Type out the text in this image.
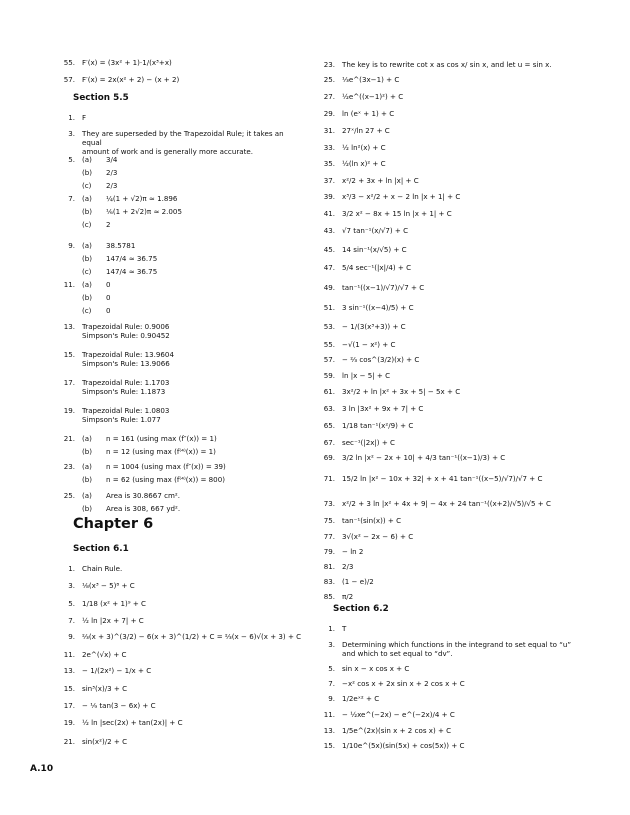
55. F′(x) = (3x² + 1)·1/(x³+x)
57. F′(x) = 2x(x² + 2) − (x + 2)
Section 5.5
1. F
3. They are superseded by the Trapezoidal Rule; it takes an equal
amount of work and is generally more accurate.
5. (a) 3/4
(b) 2/3
(c) 2/3
7. (a) ¼(1 + √2)π ≈ 1.896
(b) ⅙(1 + 2√2)π ≈ 2.005
(c) 2
9. (a) 38.5781
(b) 147/4 ≈ 36.75
(c) 147/4 ≈ 36.75
11. (a) 0
(b) 0
(c) 0
13. Trapezoidal Rule: 0.9006
Simpson's Rule: 0.90452
15. Trapezoidal Rule: 13.9604
Simpson's Rule: 13.9066
17. Trapezoidal Rule: 1.1703
Simpson's Rule: 1.1873
19. Trapezoidal Rule: 1.0803
Simpson's Rule: 1.077
21. (a) n = 161 (using max (f″(x)) = 1)
(b) n = 12 (using max (f⁽⁴⁾(x)) = 1)
23. (a) n = 1004 (using max (f″(x)) = 39)
(b) n = 62 (using max (f⁽⁴⁾(x)) = 800)
25. (a) Area is 30.8667 cm².
(b) Area is 308, 667 yd².
Chapter 6
Section 6.1
1. Chain Rule.
3. ⅛(x³ − 5)⁸ + C
5. 1/18 (x² + 1)⁹ + C
7. ½ ln |2x + 7| + C
9. ⅔(x + 3)^(3/2) − 6(x + 3)^(1/2) + C = ⅔(x − 6)√(x + 3) + C
11. 2e^(√x) + C
13. − 1/(2x²) − 1/x + C
15. sin³(x)/3 + C
17. − ⅑ tan(3 − 6x) + C
19. ½ ln |sec(2x) + tan(2x)| + C
21. sin(x²)/2 + C
23. The key is to rewrite cot x as cos x/ sin x, and let u = sin x.
25. ⅓e^(3x−1) + C
27. ½e^((x−1)²) + C
29. ln (eˣ + 1) + C
31. 27ˣ/ln 27 + C
33. ½ ln²(x) + C
35. ½(ln x)² + C
37. x²/2 + 3x + ln |x| + C
39. x³/3 − x²/2 + x − 2 ln |x + 1| + C
41. 3/2 x² − 8x + 15 ln |x + 1| + C
43. √7 tan⁻¹(x/√7) + C
45. 14 sin⁻¹(x/√5) + C
47. 5/4 sec⁻¹(|x|/4) + C
49. tan⁻¹((x−1)/√7)/√7 + C
51. 3 sin⁻¹((x−4)/5) + C
53. − 1/(3(x³+3)) + C
55. −√(1 − x²) + C
57. − ⅔ cos^(3/2)(x) + C
59. ln |x − 5| + C
61. 3x²/2 + ln |x² + 3x + 5| − 5x + C
63. 3 ln |3x² + 9x + 7| + C
65. 1/18 tan⁻¹(x²/9) + C
67. sec⁻¹(|2x|) + C
69. 3/2 ln |x² − 2x + 10| + 4/3 tan⁻¹((x−1)/3) + C
71. 15/2 ln |x² − 10x + 32| + x + 41 tan⁻¹((x−5)/√7)/√7 + C
73. x²/2 + 3 ln |x² + 4x + 9| − 4x + 24 tan⁻¹((x+2)/√5)/√5 + C
75. tan⁻¹(sin(x)) + C
77. 3√(x² − 2x − 6) + C
79. − ln 2
81. 2/3
83. (1 − e)/2
85. π/2
Section 6.2
1. T
3. Determining which functions in the integrand to set equal to “u”
and which to set equal to “dv”.
5. sin x − x cos x + C
7. −x² cos x + 2x sin x + 2 cos x + C
9. 1/2eˣ² + C
11. − ½xe^(−2x) − e^(−2x)/4 + C
13. 1/5e^(2x)(sin x + 2 cos x) + C
15. 1/10e^(5x)(sin(5x) + cos(5x)) + C
A.10
